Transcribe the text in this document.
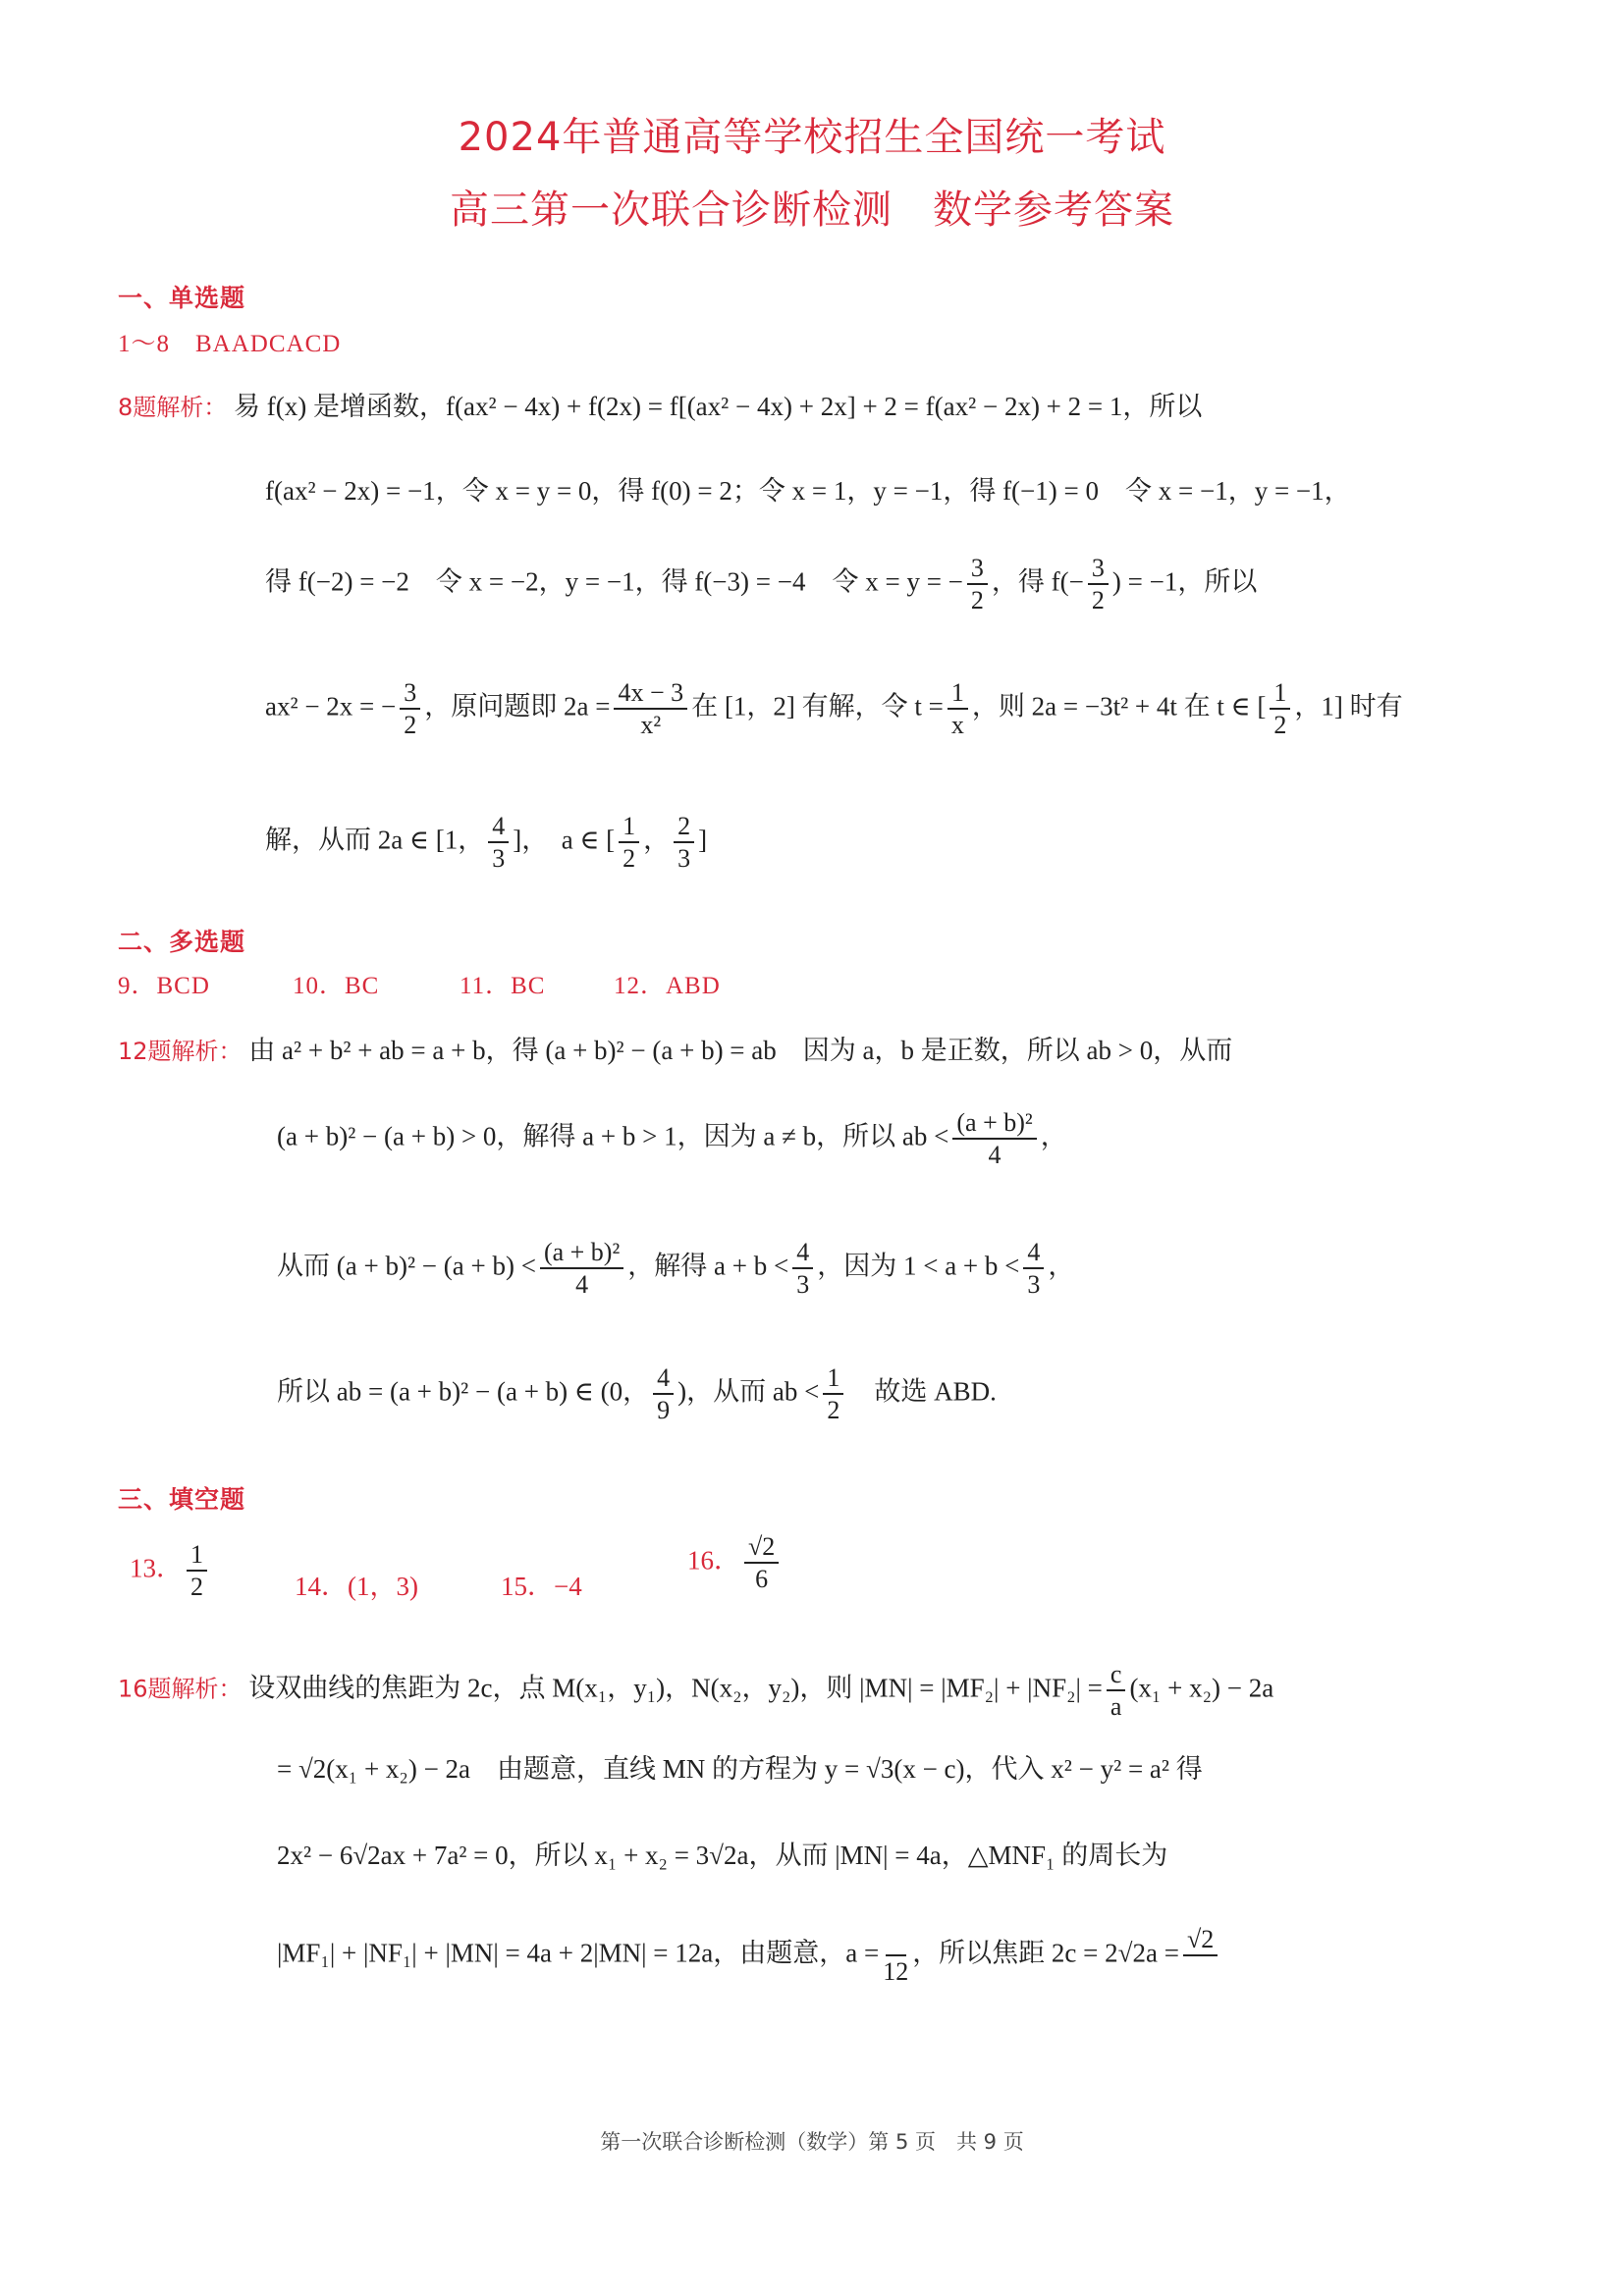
2024年普通高等学校招生全国统一考试
高三第一次联合诊断检测　数学参考答案
一、单选题
1～8　BAADCACD
8题解析： 易 f(x) 是增函数，f(ax² − 4x) + f(2x) = f[(ax² − 4x) + 2x] + 2 = f(ax² − 2x) + 2 = 1，所以
f(ax² − 2x) = −1，令 x = y = 0，得 f(0) = 2；令 x = 1，y = −1，得 f(−1) = 0　令 x = −1，y = −1，
得 f(−2) = −2　令 x = −2，y = −1，得 f(−3) = −4　令 x = y = − $\frac{3}{2}$ ，得 $f(- \frac{3}{2}$ ) = −1，所以
ax² − 2x = − $\frac{3}{2}$ ，原问题即 $2a = \frac{4x - 3}{\text{x²}}$ 在 [1，2] 有解，令 $t = \frac{1}{x}$ ，则 2a = −3t² + 4t 在 t ∈ [ $\frac{1}{2}$ ，1] 时有
解，从而 2a ∈ [1， $\frac{4}{3}$ ]，　a ∈ [ $\frac{1}{2}$ ， $\frac{2}{3}$ ]
二、多选题
9．BCD	10．BC	11．BC	12．ABD
12题解析： 由 a² + b² + ab = a + b，得 (a + b)² − (a + b) = ab　因为 a，b 是正数，所以 ab > 0，从而
(a + b)² − (a + b) > 0，解得 a + b > 1，因为 a ≠ b，所以 ab < $\frac{\text{(a + b)²}}{4}$ ，
从而 $(a + b)^2 - (a + b) < \frac{\text{(a + b)²}}{4}$ ，解得 $a + b < \frac{4}{3}$ ，因为 $1 < a + b < \frac{4}{3}$ ，
所以 ab = (a + b)² − (a + b) ∈ (0， $\frac{4}{9}$ )，从而 ab < $\frac{1}{2}$ 　故选 ABD.
三、填空题
13． $\frac{1}{2}$	14．(1，3)	15．−4
16． $\frac{√2}{6}$
16题解析： 设双曲线的焦距为 2c，点 M(x₁，y₁)，N(x₂，y₂)，则 $|MN| = |MF_2| + |NF_2| = \frac{c}{a} (x_1 + x_2) - 2a$
= √2(x₁ + x₂) − 2a　由题意，直线 MN 的方程为 y = √3(x − c)，代入 x² − y² = a² 得
2x² − 6√2ax + 7a² = 0，所以 x₁ + x₂ = 3√2a，从而 |MN| = 4a，△MNF₁ 的周长为
|MF₁| + |NF₁| + |MN| = 4a + 2|MN| = 12a，由题意，a =
12
，所以焦距 2c = 2√2a = √2
第一次联合诊断检测（数学）第 5 页　共 9 页
